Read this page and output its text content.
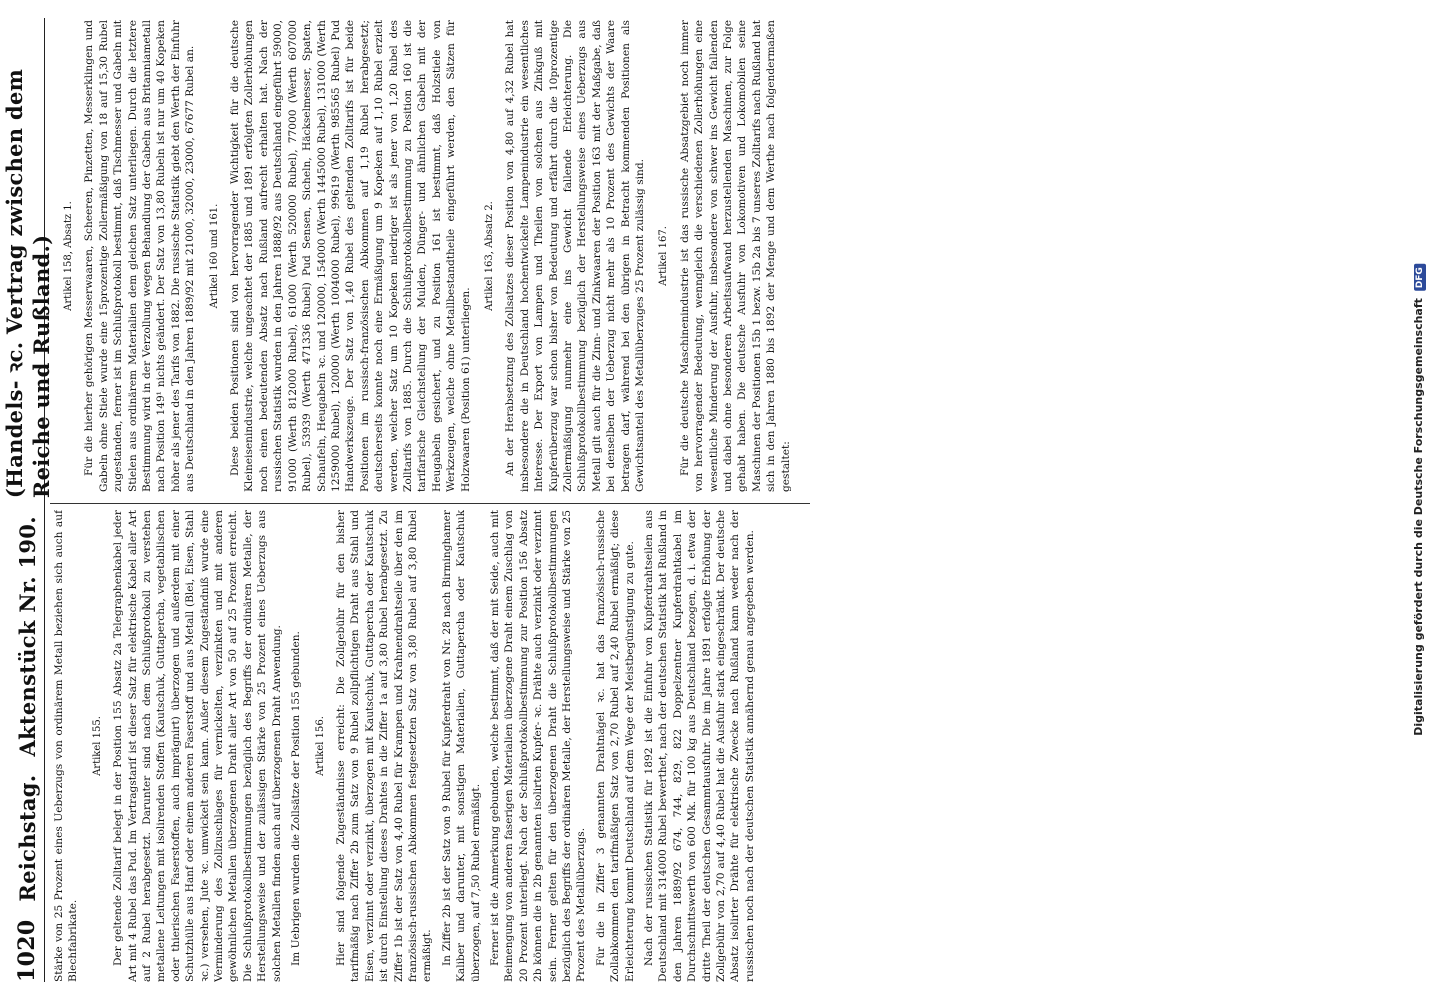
1020
Reichstag.
Aktenstück Nr. 190.
(Handels- ꝛc. Vertrag zwischen dem Reiche und Rußland.)

Stärke von 25 Prozent eines Ueberzugs von ordinärem Metall beziehen sich auch auf Blechfabrikate.

Artikel 155. Der geltende Zolltarif belegt in der Position 155 Absatz 2a Telegraphenkabel jeder Art mit 4 Rubel das Pud. Im Vertragstarif ist dieser Satz für elektrische Kabel aller Art auf 2 Rubel herabgesetzt. Darunter sind nach dem Schlußprotokoll zu verstehen metallene Leitungen mit isolirenden Stoffen (Kautschuk, Guttapercha, vegetabilischen oder thierischen Faserstoffen, auch imprägnirt) überzogen und außerdem mit einer Schutzhülle aus Hanf oder einem anderen Faserstoff und aus Metall (Blei, Eisen, Stahl ꝛc.) versehen, Jute ꝛc. umwickelt sein kann. Außer diesem Zugeständniß wurde eine Verminderung des Zollzuschlages für vernickelten, verzinkten und mit anderen gewöhnlichen Metallen überzogenen Draht aller Art von 50 auf 25 Prozent erreicht. Die Schlußprotokollbestimmungen bezüglich des Begriffs der ordinären Metalle, der Herstellungsweise und der zulässigen Stärke von 25 Prozent eines Ueberzugs aus solchen Metallen finden auch auf überzogenen Draht Anwendung. Im Uebrigen wurden die Zollsätze der Position 155 gebunden. Artikel 156. Hier sind folgende Zugeständnisse erreicht: Die Zollgebühr für den bisher tarifmäßig nach Ziffer 2b zum Satz von 9 Rubel zollpflichtigen Draht aus Stahl und Eisen, verzinnt oder verzinkt, überzogen mit Kautschuk, Guttapercha oder Kautschuk ist durch Einstellung dieses Drahtes in die Ziffer 1a auf 3,80 Rubel herabgesetzt. Zu Ziffer 1b ist der Satz von 4,40 Rubel für Krampen und Krahnendrahtseile über den im französisch-russischen Abkommen festgesetzten Satz von 3,80 Rubel auf 3,80 Rubel ermäßigt. In Ziffer 2b ist der Satz von 9 Rubel für Kupferdraht von Nr. 28 nach Birminghamer Kaliber und darunter, mit sonstigen Materialien, Guttapercha oder Kautschuk überzogen, auf 7,50 Rubel ermäßigt. Ferner ist die Anmerkung gebunden, welche bestimmt, daß der mit Seide, auch mit Beimengung von anderen faserigen Materialien überzogene Draht einem Zuschlag von 20 Prozent unterliegt. Nach der Schlußprotokollbestimmung zur Position 156 Absatz 2b können die in 2b genannten isolirten Kupfer- ꝛc. Drähte auch verzinkt oder verzinnt sein. Ferner gelten für den überzogenen Draht die Schlußprotokollbestimmungen bezüglich des Begriffs der ordinären Metalle, der Herstellungsweise und Stärke von 25 Prozent des Metallüberzugs. Für die in Ziffer 3 genannten Drahtnägel ꝛc. hat das französisch-russische Zollabkommen den tarifmäßigen Satz von 2,70 Rubel auf 2,40 Rubel ermäßigt; diese Erleichterung kommt Deutschland auf dem Wege der Meistbegünstigung zu gute. Nach der russischen Statistik für 1892 ist die Einfuhr von Kupferdrahtseilen aus Deutschland mit 314000 Rubel bewerthet, nach der deutschen Statistik hat Rußland in den Jahren 1889/92 674, 744, 829, 822 Doppelzentner Kupferdrahtkabel im Durchschnittswerth von 600 Mk. für 100 kg aus Deutschland bezogen, d. i. etwa der dritte Theil der deutschen Gesammtausfuhr. Die im Jahre 1891 erfolgte Erhöhung der Zollgebühr von 2,70 auf 4,40 Rubel hat die Ausfuhr stark eingeschränkt. Der deutsche Absatz isolirter Drähte für elektrische Zwecke nach Rußland kann weder nach der russischen noch nach der deutschen Statistik annähernd genau angegeben werden.

Artikel 158, Absatz 1. Für die hierher gehörigen Messerwaaren, Scheeren, Pinzetten, Messerklingen und Gabeln ohne Stiele wurde eine 15prozentige Zollermäßigung von 18 auf 15,30 Rubel zugestanden, ferner ist im Schlußprotokoll bestimmt, daß Tischmesser und Gabeln mit Stielen aus ordinärem Materialien dem gleichen Satz unterliegen. Durch die letztere Bestimmung wird in der Verzollung wegen Behandlung der Gabeln aus Britanniametall nach Position 149¹ nichts geändert. Der Satz von 13,80 Rubeln ist nur um 40 Kopeken höher als jener des Tarifs von 1882. Die russische Statistik giebt den Werth der Einfuhr aus Deutschland in den Jahren 1889/92 mit 21000, 32000, 23000, 67677 Rubel an. Artikel 160 und 161. Diese beiden Positionen sind von hervorragender Wichtigkeit für die deutsche Kleineisenindustrie, welche ungeachtet der 1885 und 1891 erfolgten Zollerhöhungen noch einen bedeutenden Absatz nach Rußland aufrecht erhalten hat. Nach der russischen Statistik wurden in den Jahren 1888/92 aus Deutschland eingeführt 59000, 91000 (Werth 812000 Rubel), 61000 (Werth 520000 Rubel), 77000 (Werth 607000 Rubel), 53939 (Werth 471336 Rubel) Pud Sensen, Sicheln, Häckselmesser, Spaten, Schaufeln, Heugabeln ꝛc. und 120000, 154000 (Werth 1445000 Rubel), 131000 (Werth 1259000 Rubel), 120000 (Werth 1004000 Rubel), 99619 (Werth 985565 Rubel) Pud Handwerkszeuge. Der Satz von 1,40 Rubel des geltenden Zolltarifs ist für beide Positionen im russisch-französischen Abkommen auf 1,19 Rubel herabgesetzt; deutscherseits konnte noch eine Ermäßigung um 9 Kopeken auf 1,10 Rubel erzielt werden, welcher Satz um 10 Kopeken niedriger ist als jener von 1,20 Rubel des Zolltarifs von 1885. Durch die Schlußprotokollbestimmung zu Position 160 ist die tarifarische Gleichstellung der Mulden, Dünger- und ähnlichen Gabeln mit der Heugabeln gesichert, und zu Position 161 ist bestimmt, daß Holzstiele von Werkzeugen, welche ohne Metallbestandtheile eingeführt werden, den Sätzen für Holzwaaren (Position 61) unterliegen.

Artikel 163, Absatz 2. An der Herabsetzung des Zollsatzes dieser Position von 4,80 auf 4,32 Rubel hat insbesondere die in Deutschland hochentwickelte Lampenindustrie ein wesentliches Interesse. Der Export von Lampen und Theilen von solchen aus Zinkguß mit Kupferüberzug war schon bisher von Bedeutung und erfährt durch die 10prozentige Zollermäßigung nunmehr eine ins Gewicht fallende Erleichterung. Die Schlußprotokollbestimmung bezüglich der Herstellungsweise eines Ueberzugs aus Metall gilt auch für die Zinn- und Zinkwaaren der Position 163 mit der Maßgabe, daß bei denselben der Ueberzug nicht mehr als 10 Prozent des Gewichts der Waare betragen darf, während bei den übrigen in Betracht kommenden Positionen als Gewichtsanteil des Metallüberzuges 25 Prozent zulässig sind. Artikel 167. Für die deutsche Maschinenindustrie ist das russische Absatzgebiet noch immer von hervorragender Bedeutung, wenngleich die verschiedenen Zollerhöhungen eine wesentliche Minderung der Ausfuhr, insbesondere von schwer ins Gewicht fallenden und dabei ohne besonderen Arbeitsaufwand herzustellenden Maschinen, zur Folge gehabt haben. Die deutsche Ausfuhr von Lokomotiven und Lokomobilen seine Maschinen der Positionen 15b 1 bezw. 15b 2a bis 7 unseres Zolltarifs nach Rußland hat sich in den Jahren 1880 bis 1892 der Menge und dem Werthe nach folgendermaßen gestaltet:	Digitalisierung gefördert durch die Deutsche Forschungsgemeinschaft DFG
